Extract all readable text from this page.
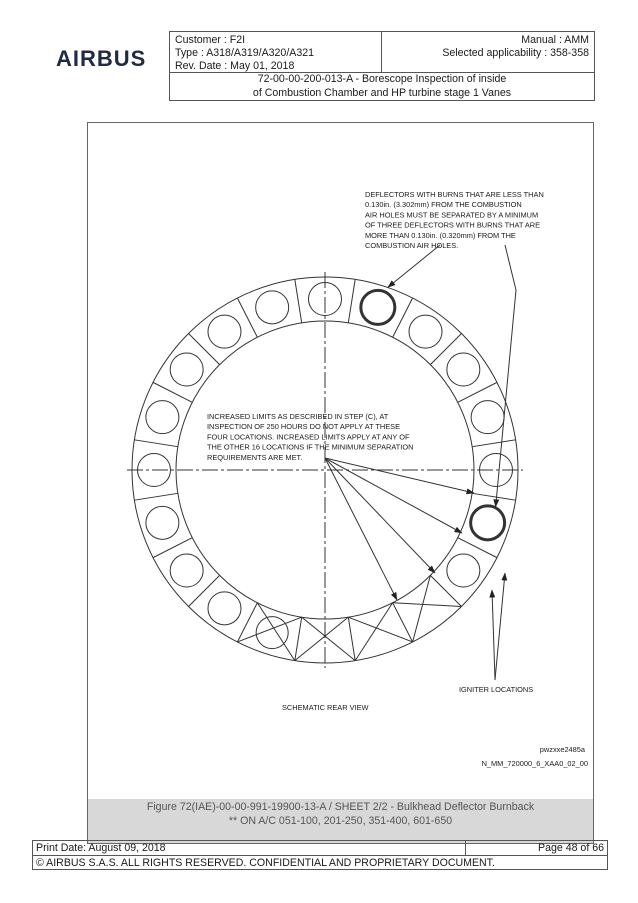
AIRBUS
Customer : F2I	Manual : AMM
Type : A318/A319/A320/A321	Selected applicability : 358-358
Rev. Date : May 01, 2018
72-00-00-200-013-A - Borescope Inspection of inside
of Combustion Chamber and HP turbine stage 1 Vanes
DEFLECTORS WITH BURNS THAT ARE LESS THAN
0.130in. (3.302mm) FROM THE COMBUSTION
AIR HOLES MUST BE SEPARATED BY A MINIMUM
OF THREE DEFLECTORS WITH BURNS THAT ARE
MORE THAN 0.130in. (0.320mm) FROM THE
COMBUSTION AIR HOLES.
INCREASED LIMITS AS DESCRIBED IN STEP (C), AT
INSPECTION OF 250 HOURS DO NOT APPLY AT THESE
FOUR LOCATIONS. INCREASED LIMITS APPLY AT ANY OF
THE OTHER 16 LOCATIONS IF THE MINIMUM SEPARATION
REQUIREMENTS ARE MET.
IGNITER LOCATIONS
SCHEMATIC REAR VIEW
pwzxxe2485a
N_MM_720000_6_XAA0_02_00
Figure 72(IAE)-00-00-991-19900-13-A / SHEET 2/2 - Bulkhead Deflector Burnback
** ON A/C 051-100, 201-250, 351-400, 601-650
Print Date: August 09, 2018	Page 48 of 66
© AIRBUS S.A.S. ALL RIGHTS RESERVED. CONFIDENTIAL AND PROPRIETARY DOCUMENT.
